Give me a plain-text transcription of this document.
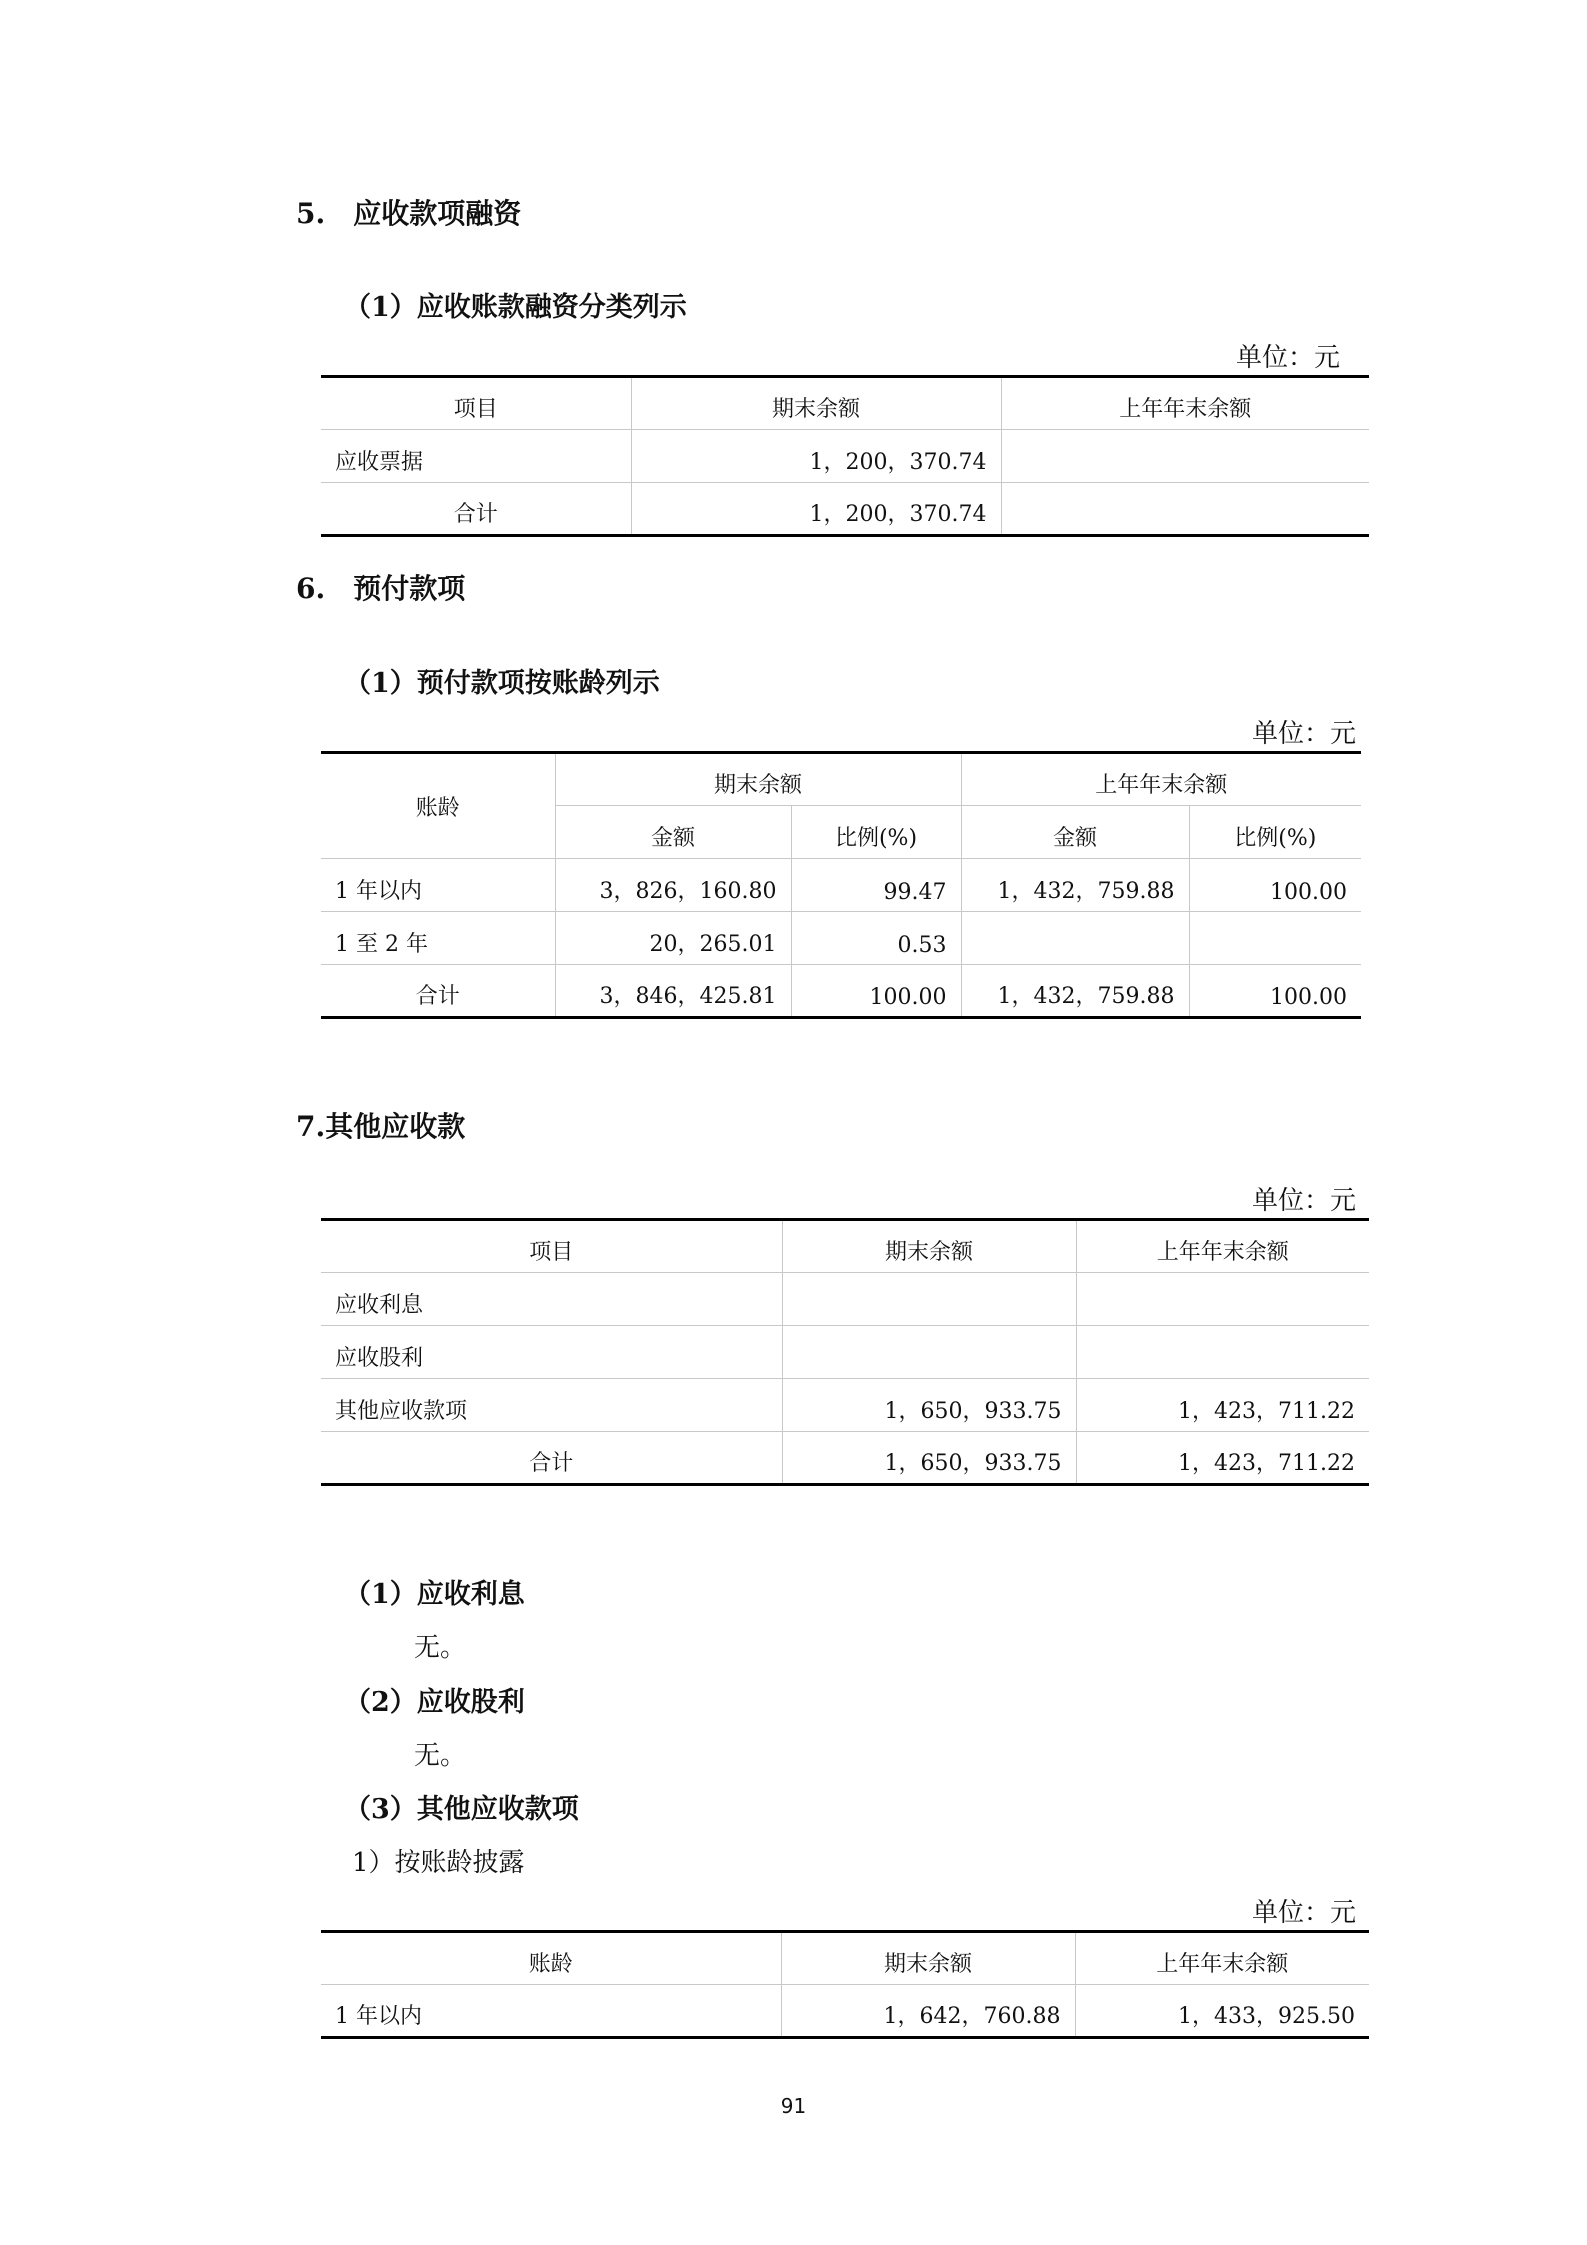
5.　应收款项融资
（1）应收账款融资分类列示
单位：元
项目	期末余额	上年年末余额
应收票据	1，200，370.74	
合计	1，200，370.74	
6.　预付款项
（1）预付款项按账龄列示
单位：元
账龄	期末余额		上年年末余额	
	金额	比例(%)	金额	比例(%)
1 年以内	3，826，160.80	99.47	1，432，759.88	100.00
1 至 2 年	20，265.01	0.53		
合计	3，846，425.81	100.00	1，432，759.88	100.00
7.其他应收款
单位：元
项目	期末余额	上年年末余额
应收利息		
应收股利		
其他应收款项	1，650，933.75	1，423，711.22
合计	1，650，933.75	1，423，711.22
（1）应收利息
无。
（2）应收股利
无。
（3）其他应收款项
1）按账龄披露
单位：元
账龄	期末余额	上年年末余额
1 年以内	1，642，760.88	1，433，925.50
91
